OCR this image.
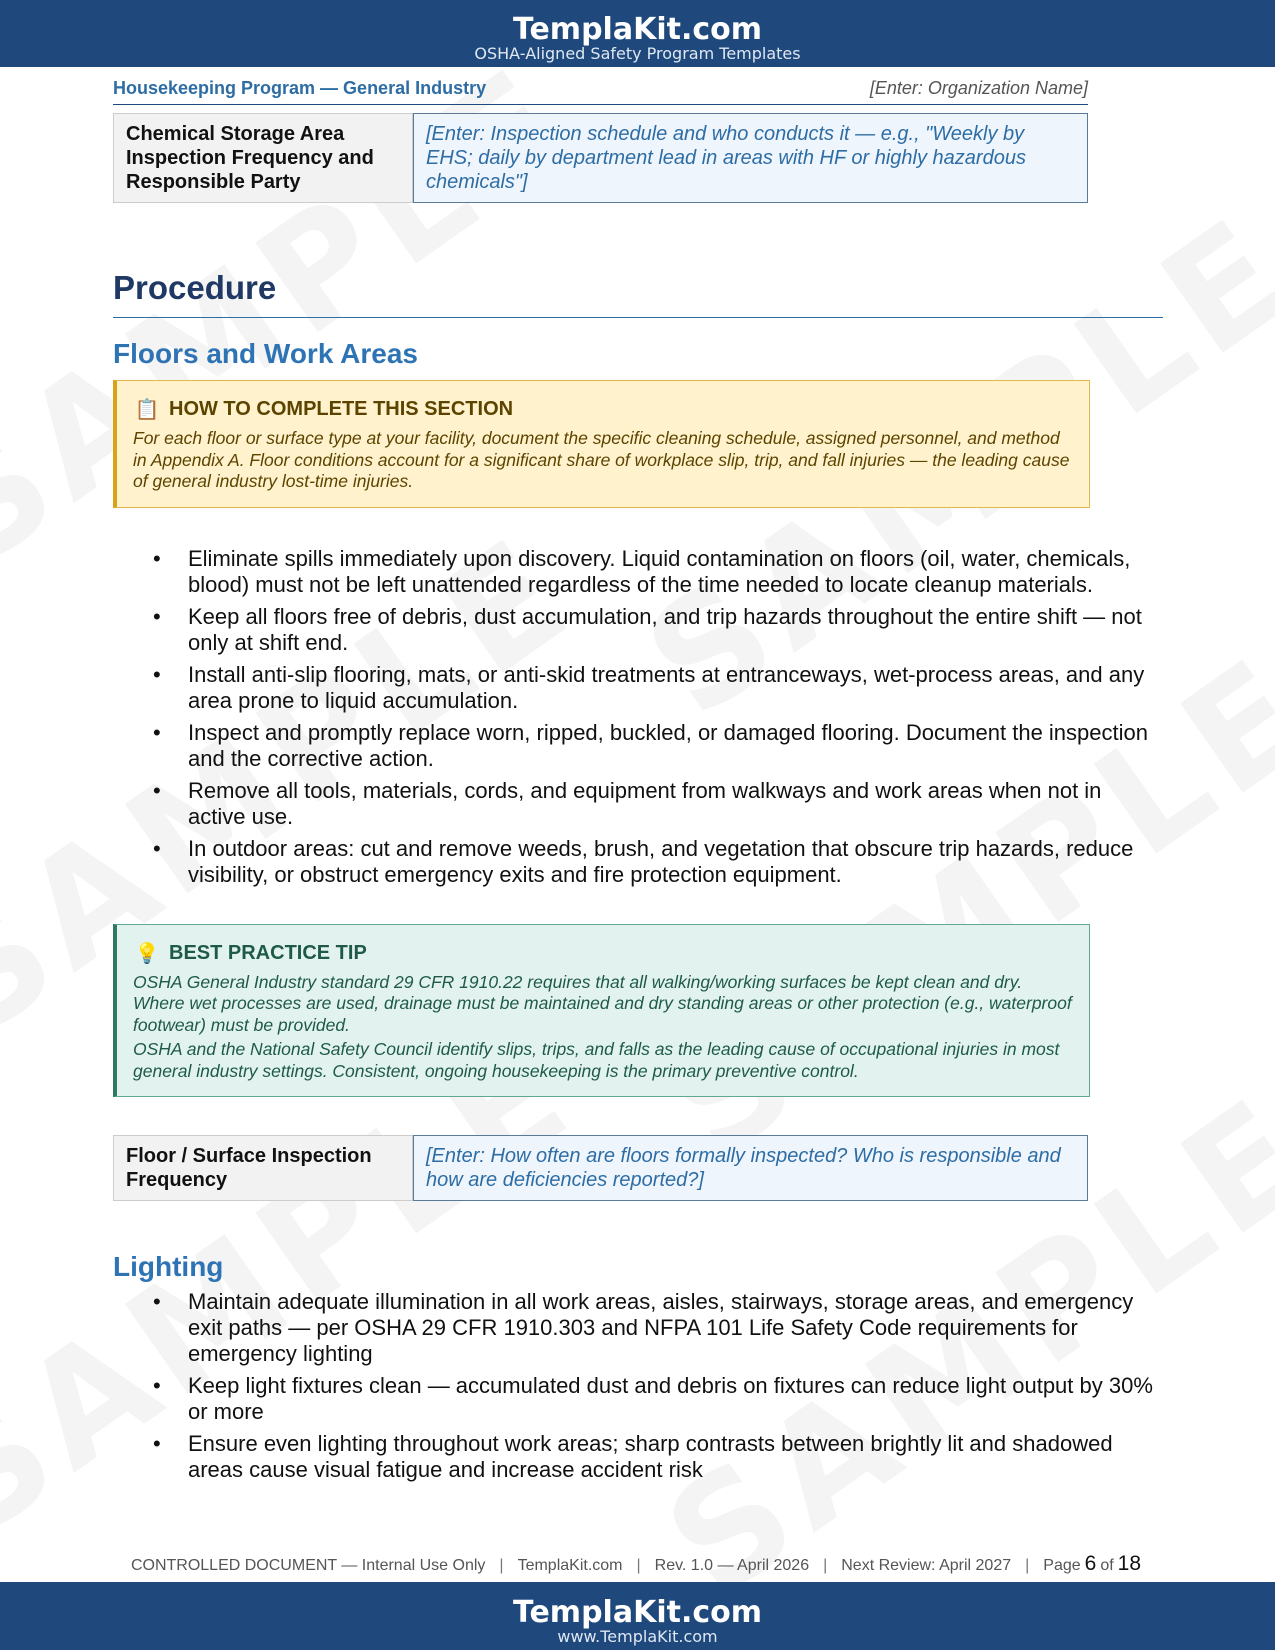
TemplaKit.com
OSHA-Aligned Safety Program Templates
Housekeeping Program — General Industry	[Enter: Organization Name]
Chemical Storage Area Inspection Frequency and Responsible Party
[Enter: Inspection schedule and who conducts it — e.g., "Weekly by EHS; daily by department lead in areas with HF or highly hazardous chemicals"]
Procedure
Floors and Work Areas
📋 HOW TO COMPLETE THIS SECTION

For each floor or surface type at your facility, document the specific cleaning schedule, assigned personnel, and method in Appendix A. Floor conditions account for a significant share of workplace slip, trip, and fall injuries — the leading cause of general industry lost-time injuries.

• Eliminate spills immediately upon discovery. Liquid contamination on floors (oil, water, chemicals, blood) must not be left unattended regardless of the time needed to locate cleanup materials.
• Keep all floors free of debris, dust accumulation, and trip hazards throughout the entire shift — not only at shift end.
• Install anti-slip flooring, mats, or anti-skid treatments at entranceways, wet-process areas, and any area prone to liquid accumulation.
• Inspect and promptly replace worn, ripped, buckled, or damaged flooring. Document the inspection and the corrective action.
• Remove all tools, materials, cords, and equipment from walkways and work areas when not in active use.
• In outdoor areas: cut and remove weeds, brush, and vegetation that obscure trip hazards, reduce visibility, or obstruct emergency exits and fire protection equipment.
💡 BEST PRACTICE TIP

OSHA General Industry standard 29 CFR 1910.22 requires that all walking/working surfaces be kept clean and dry. Where wet processes are used, drainage must be maintained and dry standing areas or other protection (e.g., waterproof footwear) must be provided.

OSHA and the National Safety Council identify slips, trips, and falls as the leading cause of occupational injuries in most general industry settings. Consistent, ongoing housekeeping is the primary preventive control.

Floor / Surface Inspection Frequency
[Enter: How often are floors formally inspected? Who is responsible and how are deficiencies reported?]
Lighting
• Maintain adequate illumination in all work areas, aisles, stairways, storage areas, and emergency exit paths — per OSHA 29 CFR 1910.303 and NFPA 101 Life Safety Code requirements for emergency lighting
• Keep light fixtures clean — accumulated dust and debris on fixtures can reduce light output by 30% or more
• Ensure even lighting throughout work areas; sharp contrasts between brightly lit and shadowed areas cause visual fatigue and increase accident risk
CONTROLLED DOCUMENT — Internal Use Only | TemplaKit.com | Rev. 1.0 — April 2026 | Next Review: April 2027 | Page 6 of 18
TemplaKit.com
www.TemplaKit.com
